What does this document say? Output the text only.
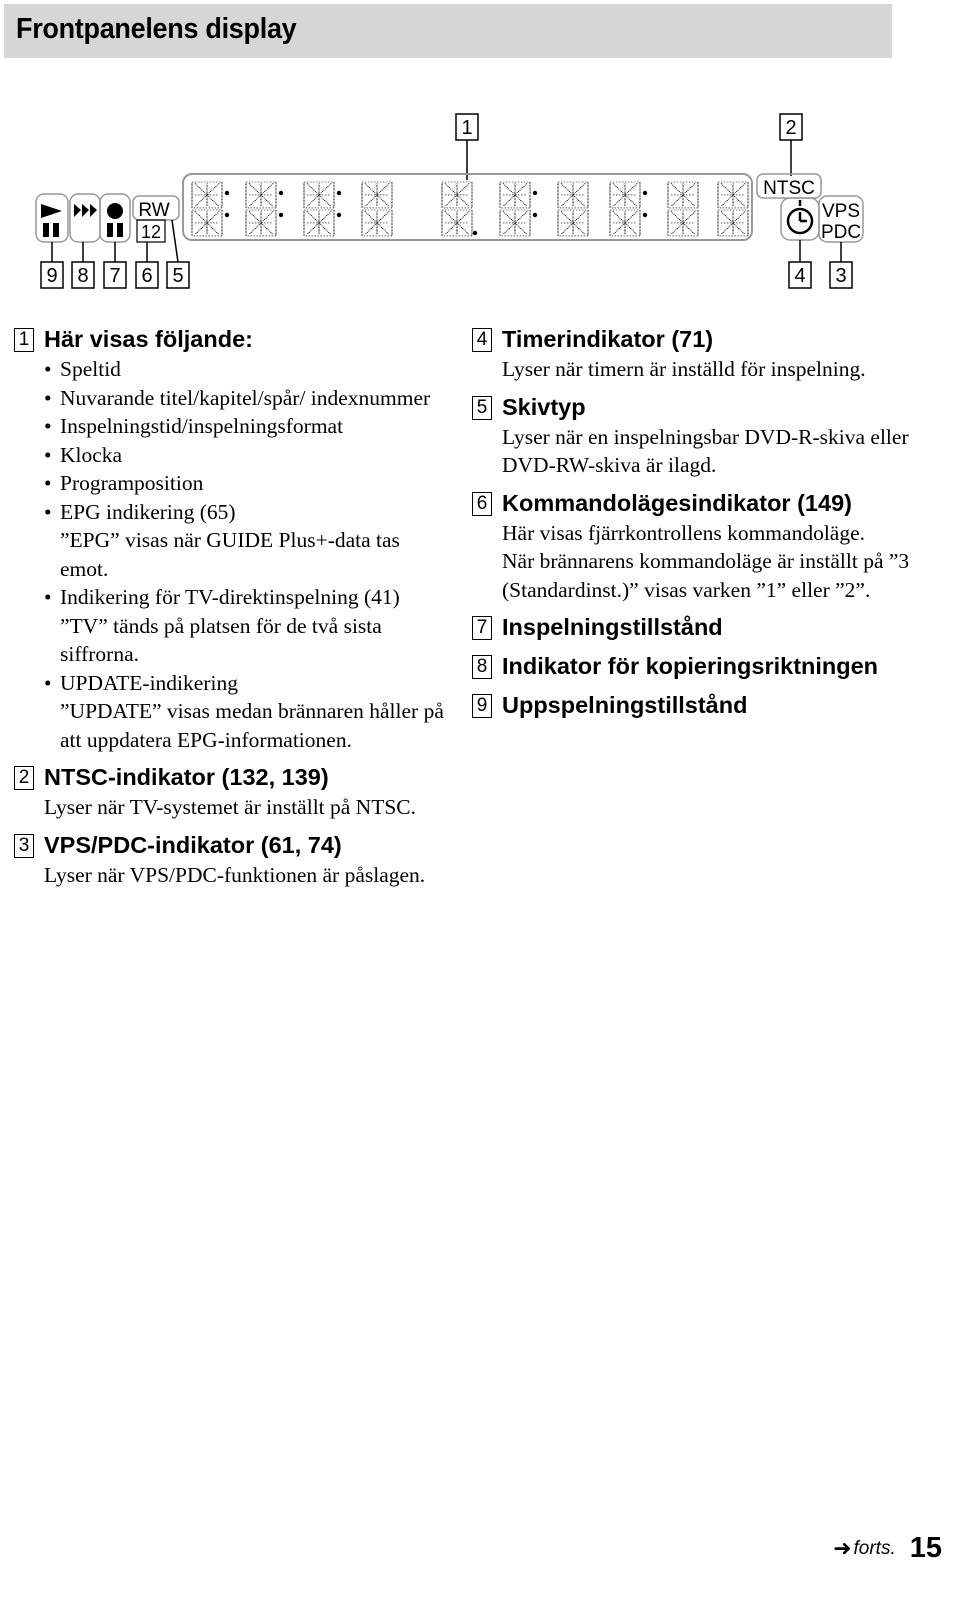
Frontpanelens display
1	2
RW
12
NTSC
VPS
PDC
9 8 7 6 5	4 3
1 Här visas följande:
• Speltid
• Nuvarande titel/kapitel/spår/ indexnummer
• Inspelningstid/inspelningsformat
• Klocka
• Programposition
• EPG indikering (65)
”EPG” visas när GUIDE Plus+-data tas emot.
• Indikering för TV-direktinspelning (41)
”TV” tänds på platsen för de två sista siffrorna.
• UPDATE-indikering
”UPDATE” visas medan brännaren håller på att uppdatera EPG-informationen.
2 NTSC-indikator (132, 139)
Lyser när TV-systemet är inställt på NTSC.
3 VPS/PDC-indikator (61, 74)
Lyser när VPS/PDC-funktionen är påslagen.
4 Timerindikator (71)
Lyser när timern är inställd för inspelning.
5 Skivtyp
Lyser när en inspelningsbar DVD-R-skiva eller DVD-RW-skiva är ilagd.
6 Kommandolägesindikator (149)
Här visas fjärrkontrollens kommandoläge.
När brännarens kommandoläge är inställt på ”3 (Standardinst.)” visas varken ”1” eller ”2”.
7 Inspelningstillstånd
8 Indikator för kopieringsriktningen
9 Uppspelningstillstånd
➜ forts. 15
